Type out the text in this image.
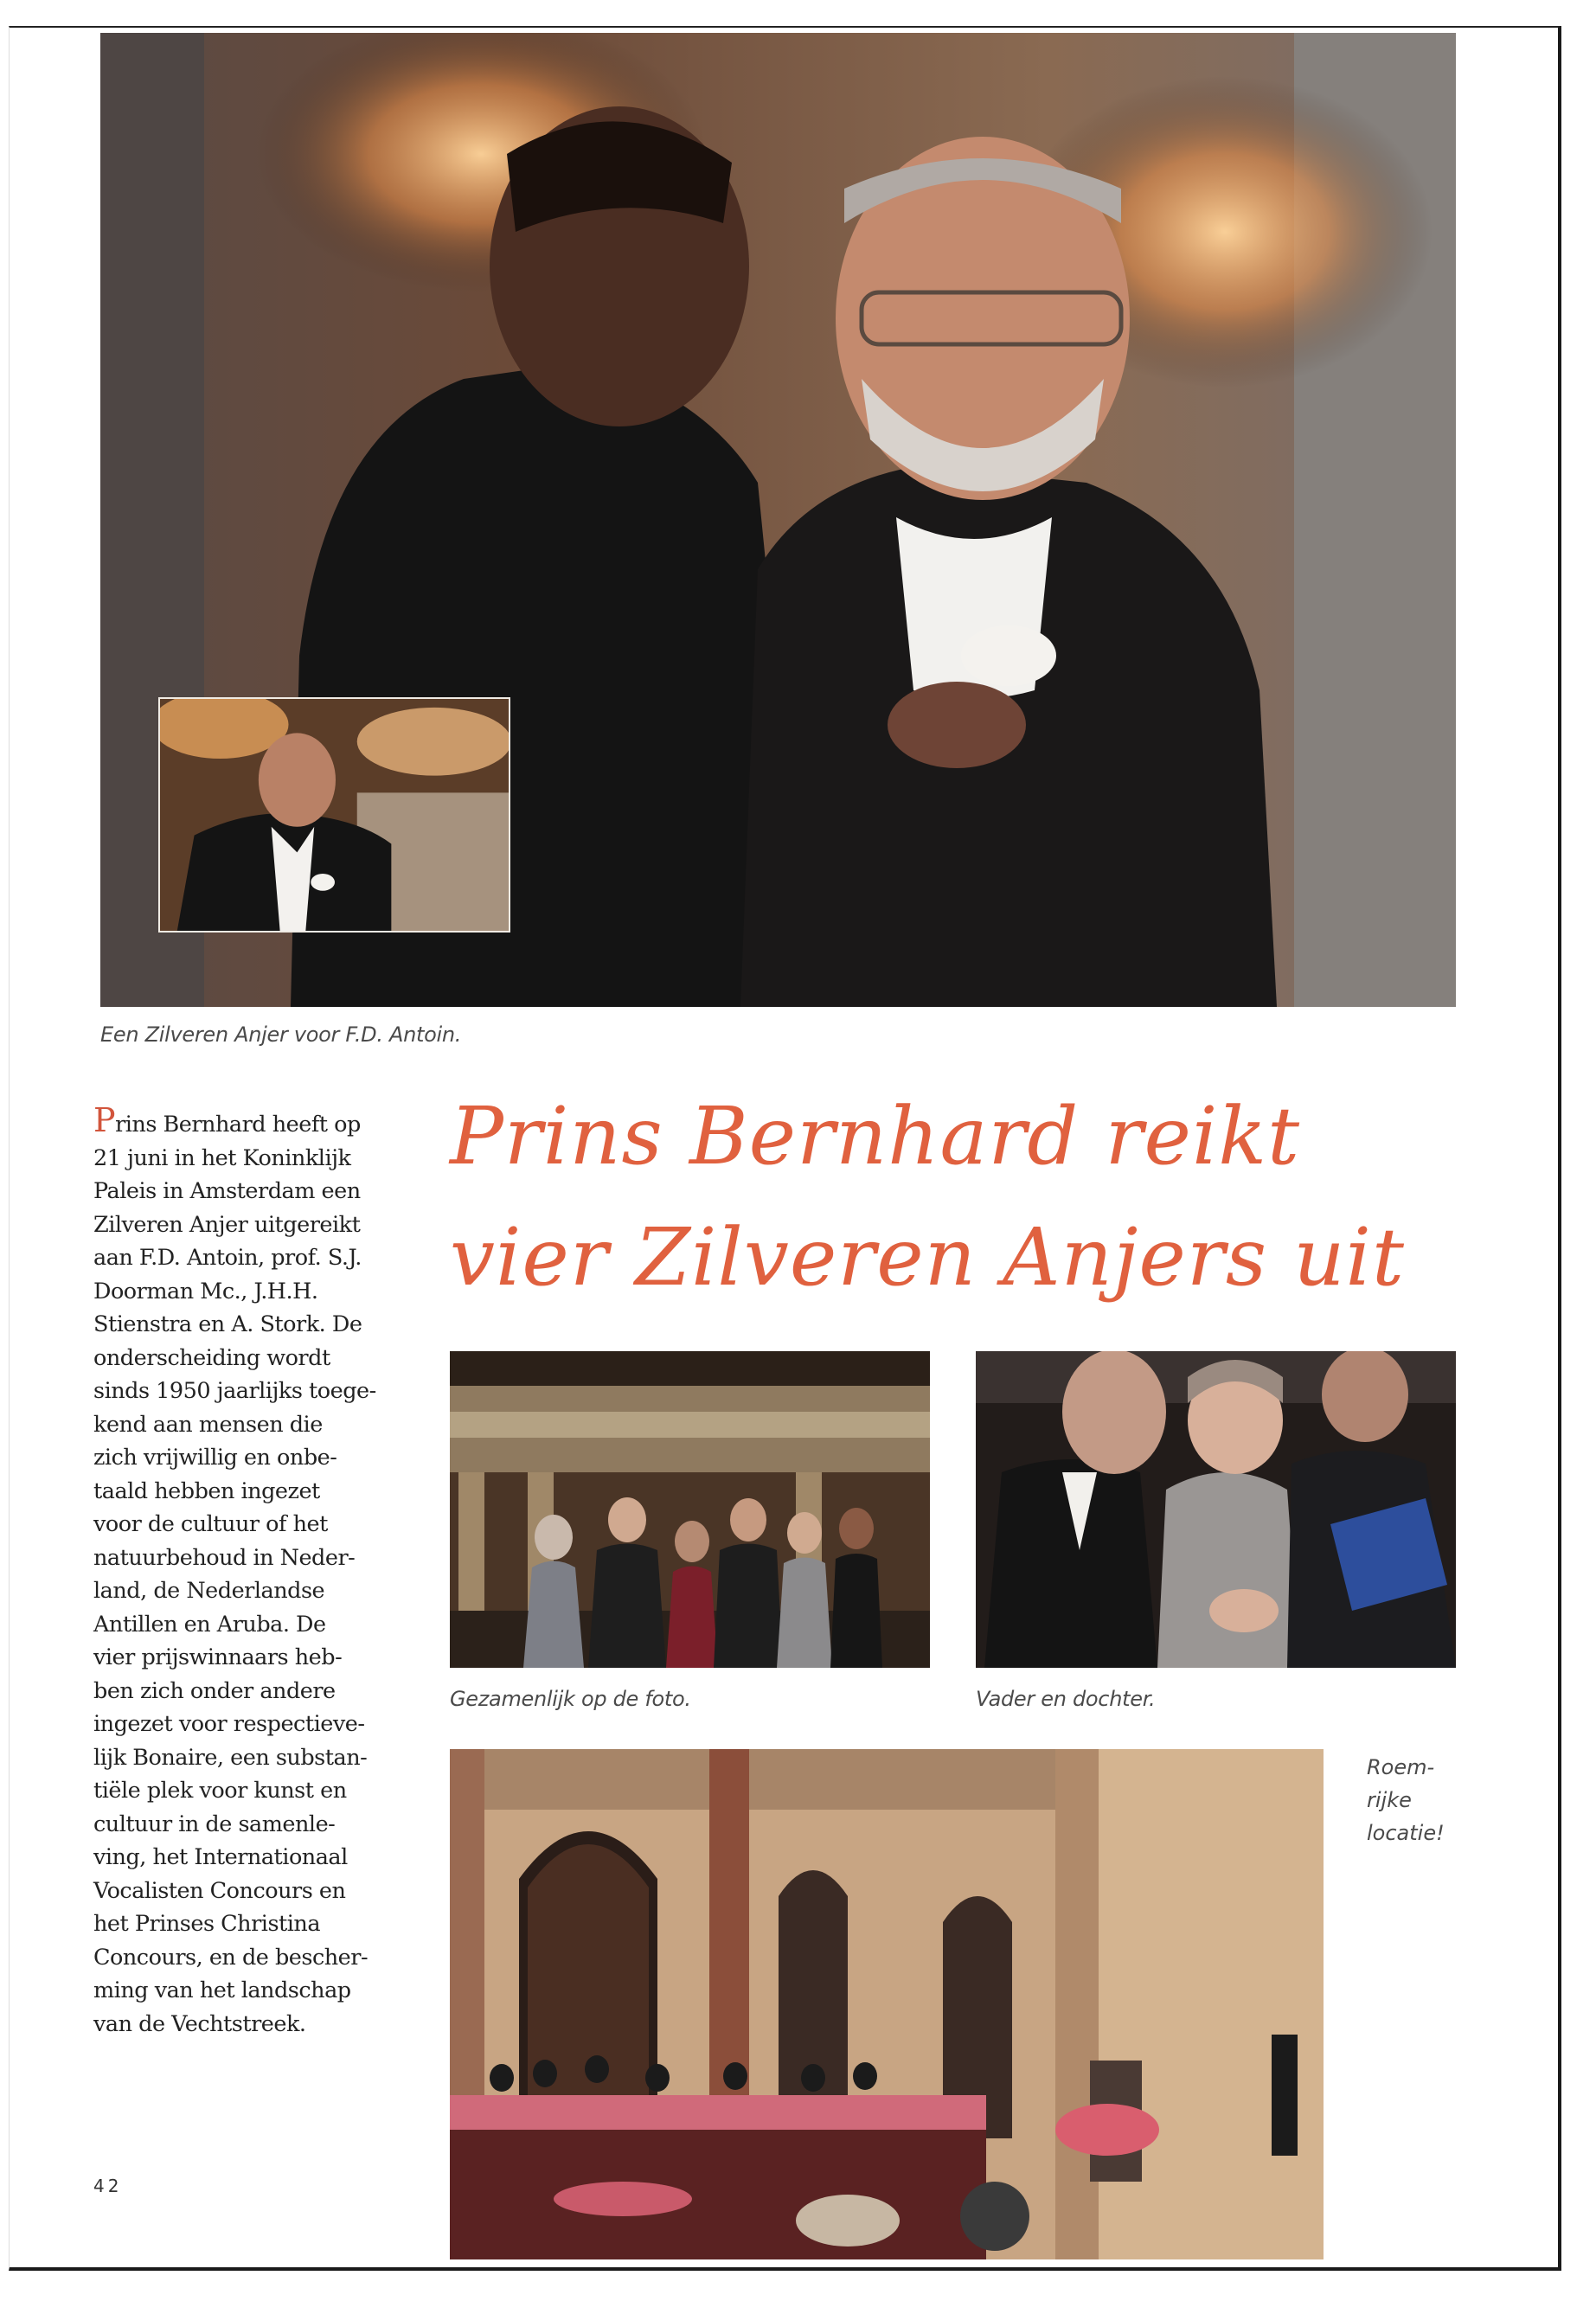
Een Zilveren Anjer voor F.D. Antoin.
Prins Bernhard heeft op
21 juni in het Koninklijk
Paleis in Amsterdam een
Zilveren Anjer uitgereikt
aan F.D. Antoin, prof. S.J.
Doorman Mc., J.H.H.
Stienstra en A. Stork. De
onderscheiding wordt
sinds 1950 jaarlijks toege-
kend aan mensen die
zich vrijwillig en onbe-
taald hebben ingezet
voor de cultuur of het
natuurbehoud in Neder-
land, de Nederlandse
Antillen en Aruba. De
vier prijswinnaars heb-
ben zich onder andere
ingezet voor respectieve-
lijk Bonaire, een substan-
tiële plek voor kunst en
cultuur in de samenle-
ving, het Internationaal
Vocalisten Concours en
het Prinses Christina
Concours, en de bescher-
ming van het landschap
van de Vechtstreek.
Prins Bernhard reikt
vier Zilveren Anjers uit
Gezamenlijk op de foto.	Vader en dochter.
Roem-
rijke
locatie!
42
